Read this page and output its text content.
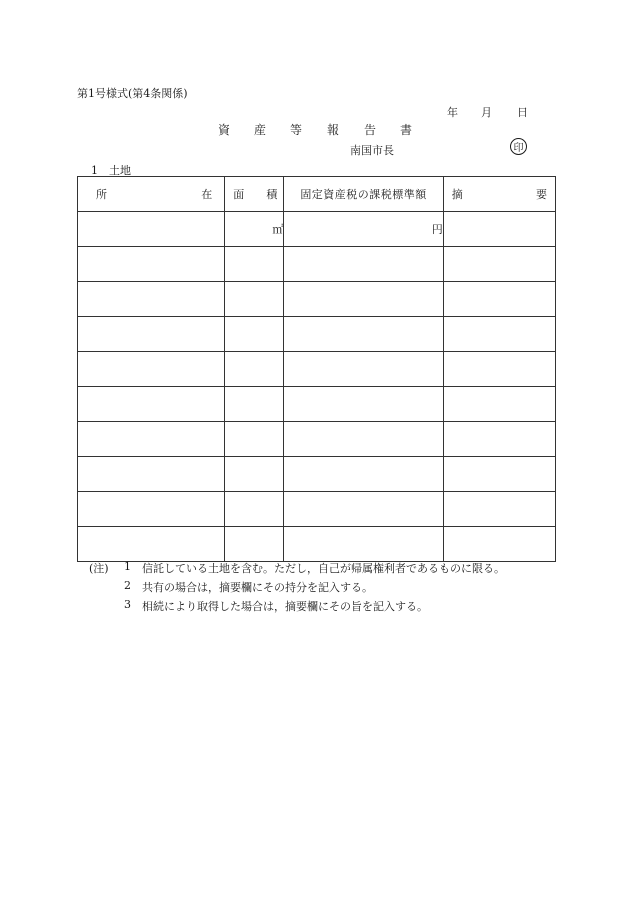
第1号様式(第4条関係)
年 月 日
資 産 等 報 告 書
南国市長	印
1　土地
所 在	面 積	固定資産税の課税標準額	摘 要

	㎡	円	

(注) 1 信託している土地を含む。ただし，自己が帰属権利者であるものに限る。
2 共有の場合は，摘要欄にその持分を記入する。
3 相続により取得した場合は，摘要欄にその旨を記入する。
